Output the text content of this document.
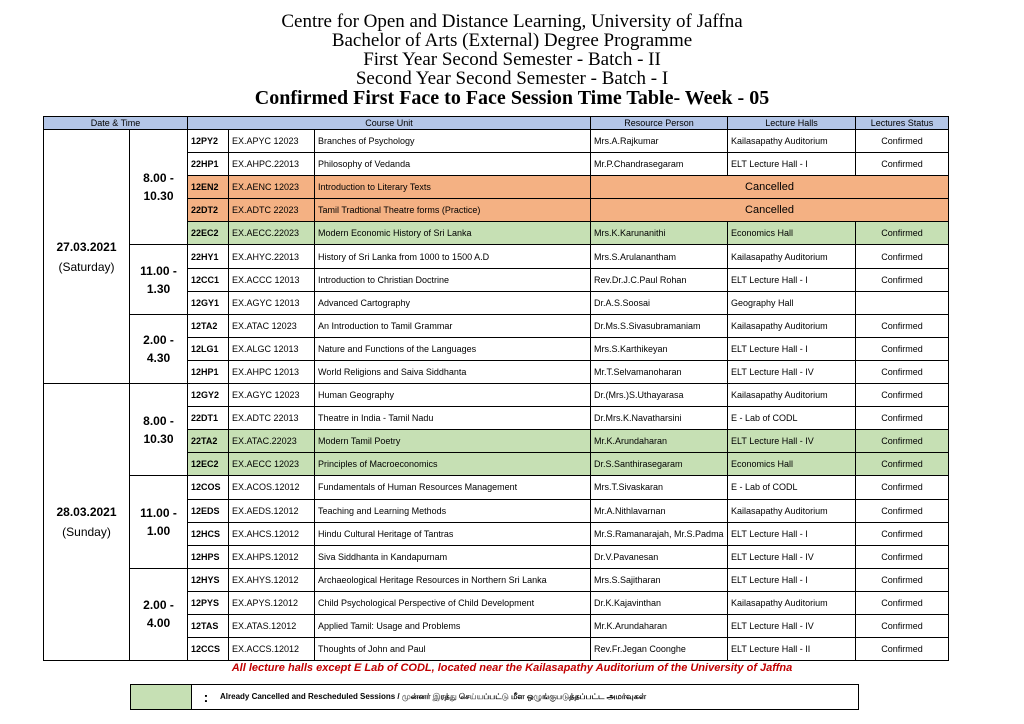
Centre for Open and Distance Learning, University of Jaffna
Bachelor of Arts (External) Degree Programme
First Year Second Semester - Batch - II
Second Year Second Semester - Batch - I
Confirmed First Face to Face Session Time Table- Week - 05
Date & Time		Course Unit			Resource Person	Lecture Halls	Lectures Status

27.03.2021
(Saturday)	8.00 - 10.30	12PY2	EX.APYC 12023	Branches of Psychology	Mrs.A.Rajkumar	Kailasapathy Auditorium	Confirmed
		22HP1	EX.AHPC.22013	Philosophy of Vedanda	Mr.P.Chandrasegaram	ELT Lecture Hall - I	Confirmed
		12EN2	EX.AENC 12023	Introduction to Literary Texts	Cancelled		
		22DT2	EX.ADTC 22023	Tamil Tradtional Theatre forms (Practice)	Cancelled		
		22EC2	EX.AECC.22023	Modern Economic History of Sri Lanka	Mrs.K.Karunanithi	Economics Hall	Confirmed
	11.00 - 1.30	22HY1	EX.AHYC.22013	History of Sri Lanka from 1000 to 1500 A.D	Mrs.S.Arulanantham	Kailasapathy Auditorium	Confirmed
		12CC1	EX.ACCC 12013	Introduction to Christian Doctrine	Rev.Dr.J.C.Paul Rohan	ELT Lecture Hall - I	Confirmed
		12GY1	EX.AGYC 12013	Advanced Cartography	Dr.A.S.Soosai	Geography Hall	
	2.00 - 4.30	12TA2	EX.ATAC 12023	An Introduction to Tamil Grammar	Dr.Ms.S.Sivasubramaniam	Kailasapathy Auditorium	Confirmed
		12LG1	EX.ALGC 12013	Nature and Functions of the Languages	Mrs.S.Karthikeyan	ELT Lecture Hall - I	Confirmed
		12HP1	EX.AHPC 12013	World Religions and Saiva Siddhanta	Mr.T.Selvamanoharan	ELT Lecture Hall - IV	Confirmed

28.03.2021
(Sunday)	8.00 - 10.30	12GY2	EX.AGYC 12023	Human Geography	Dr.(Mrs.)S.Uthayarasa	Kailasapathy Auditorium	Confirmed
		22DT1	EX.ADTC 22013	Theatre in India - Tamil Nadu	Dr.Mrs.K.Navatharsini	E - Lab of CODL	Confirmed
		22TA2	EX.ATAC.22023	Modern Tamil Poetry	Mr.K.Arundaharan	ELT Lecture Hall - IV	Confirmed
		12EC2	EX.AECC 12023	Principles of Macroeconomics	Dr.S.Santhirasegaram	Economics Hall	Confirmed
	11.00 - 1.00	12COS	EX.ACOS.12012	Fundamentals of Human Resources Management	Mrs.T.Sivaskaran	E - Lab of CODL	Confirmed
		12EDS	EX.AEDS.12012	Teaching and Learning Methods	Mr.A.Nithlavarnan	Kailasapathy Auditorium	Confirmed
		12HCS	EX.AHCS.12012	Hindu Cultural Heritage of Tantras	Mr.S.Ramanarajah, Mr.S.Padma	ELT Lecture Hall - I	Confirmed
		12HPS	EX.AHPS.12012	Siva Siddhanta in Kandapurnam	Dr.V.Pavanesan	ELT Lecture Hall - IV	Confirmed
	2.00 - 4.00	12HYS	EX.AHYS.12012	Archaeological Heritage Resources in Northern Sri Lanka	Mrs.S.Sajitharan	ELT Lecture Hall - I	Confirmed
		12PYS	EX.APYS.12012	Child Psychological Perspective of Child Development	Dr.K.Kajavinthan	Kailasapathy Auditorium	Confirmed
		12TAS	EX.ATAS.12012	Applied Tamil: Usage and Problems	Mr.K.Arundaharan	ELT Lecture Hall - IV	Confirmed
		12CCS	EX.ACCS.12012	Thoughts of John and Paul	Rev.Fr.Jegan Coonghe	ELT Lecture Hall - II	Confirmed
All lecture halls except E Lab of CODL, located near the Kailasapathy Auditorium of the University of Jaffna
:	Already Cancelled and Rescheduled Sessions / முன்னர் இரத்து செய்யப்பட்டு மீள ஒழுங்குபடுத்தப்பட்ட அமர்வுகள்
